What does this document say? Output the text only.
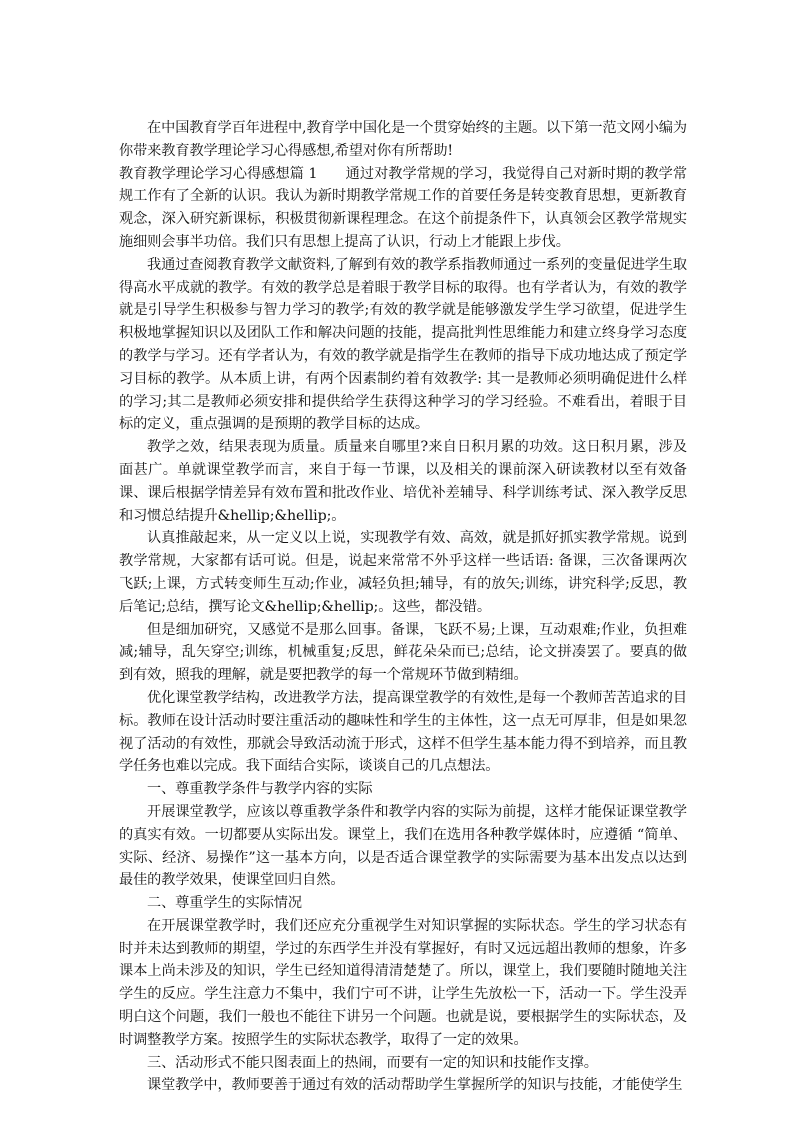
在中国教育学百年进程中,教育学中国化是一个贯穿始终的主题。以下第一范文网小编为你带来教育教学理论学习心得感想,希望对你有所帮助!

教育教学理论学习心得感想篇 1 通过对教学常规的学习，我觉得自己对新时期的教学常规工作有了全新的认识。我认为新时期教学常规工作的首要任务是转变教育思想，更新教育观念，深入研究新课标，积极贯彻新课程理念。在这个前提条件下，认真领会区教学常规实施细则会事半功倍。我们只有思想上提高了认识，行动上才能跟上步伐。

我通过查阅教育教学文献资料,了解到有效的教学系指教师通过一系列的变量促进学生取得高水平成就的教学。有效的教学总是着眼于教学目标的取得。也有学者认为，有效的教学就是引导学生积极参与智力学习的教学;有效的教学就是能够激发学生学习欲望，促进学生积极地掌握知识以及团队工作和解决问题的技能，提高批判性思维能力和建立终身学习态度的教学与学习。还有学者认为，有效的教学就是指学生在教师的指导下成功地达成了预定学习目标的教学。从本质上讲，有两个因素制约着有效教学: 其一是教师必须明确促进什么样的学习;其二是教师必须安排和提供给学生获得这种学习的学习经验。不难看出，着眼于目标的定义，重点强调的是预期的教学目标的达成。

教学之效，结果表现为质量。质量来自哪里?来自日积月累的功效。这日积月累，涉及面甚广。单就课堂教学而言，来自于每一节课，以及相关的课前深入研读教材以至有效备课、课后根据学情差异有效布置和批改作业、培优补差辅导、科学训练考试、深入教学反思和习惯总结提升&hellip;&hellip;。

认真推敲起来，从一定义以上说，实现教学有效、高效，就是抓好抓实教学常规。说到教学常规，大家都有话可说。但是，说起来常常不外乎这样一些话语: 备课，三次备课两次飞跃;上课，方式转变师生互动;作业，减轻负担;辅导，有的放矢;训练，讲究科学;反思，教后笔记;总结，撰写论文&hellip;&hellip;。这些，都没错。

但是细加研究，又感觉不是那么回事。备课，飞跃不易;上课，互动艰难;作业，负担难减;辅导，乱矢穿空;训练，机械重复;反思，鲜花朵朵而已;总结，论文拼凑罢了。要真的做到有效，照我的理解，就是要把教学的每一个常规环节做到精细。

优化课堂教学结构，改进教学方法，提高课堂教学的有效性,是每一个教师苦苦追求的目标。教师在设计活动时要注重活动的趣味性和学生的主体性，这一点无可厚非，但是如果忽视了活动的有效性，那就会导致活动流于形式，这样不但学生基本能力得不到培养，而且教学任务也难以完成。我下面结合实际，谈谈自己的几点想法。

一、尊重教学条件与教学内容的实际

开展课堂教学，应该以尊重教学条件和教学内容的实际为前提，这样才能保证课堂教学的真实有效。一切都要从实际出发。课堂上，我们在选用各种教学媒体时，应遵循 “简单、实际、经济、易操作”这一基本方向，以是否适合课堂教学的实际需要为基本出发点以达到最佳的教学效果，使课堂回归自然。

二、尊重学生的实际情况

在开展课堂教学时，我们还应充分重视学生对知识掌握的实际状态。学生的学习状态有时并未达到教师的期望，学过的东西学生并没有掌握好，有时又远远超出教师的想象，许多课本上尚未涉及的知识，学生已经知道得清清楚楚了。所以，课堂上，我们要随时随地关注学生的反应。学生注意力不集中，我们宁可不讲，让学生先放松一下，活动一下。学生没弄明白这个问题，我们一般也不能往下讲另一个问题。也就是说，要根据学生的实际状态，及时调整教学方案。按照学生的实际状态教学，取得了一定的效果。

三、活动形式不能只图表面上的热闹，而要有一定的知识和技能作支撑。

课堂教学中，教师要善于通过有效的活动帮助学生掌握所学的知识与技能，才能使学生
